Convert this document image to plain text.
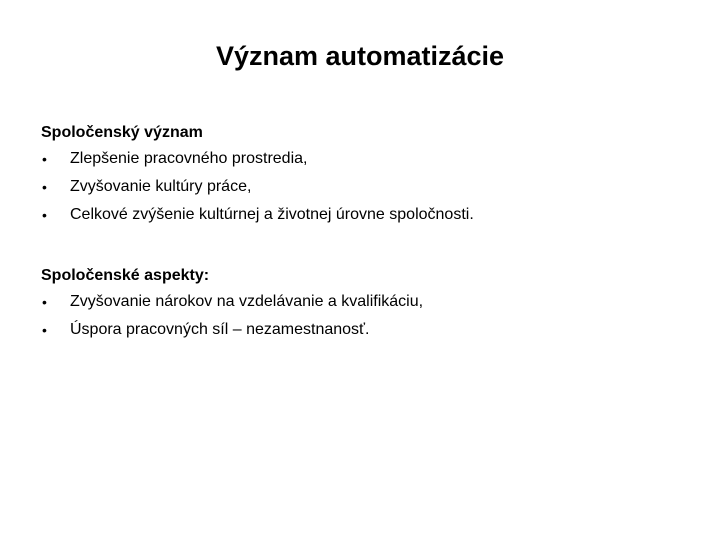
Význam automatizácie

Spoločenský význam

• Zlepšenie pracovného prostredia,
• Zvyšovanie kultúry práce,
• Celkové zvýšenie kultúrnej a životnej úrovne spoločnosti.

Spoločenské aspekty:

• Zvyšovanie nárokov na vzdelávanie a kvalifikáciu,
• Úspora pracovných síl – nezamestnanosť.
